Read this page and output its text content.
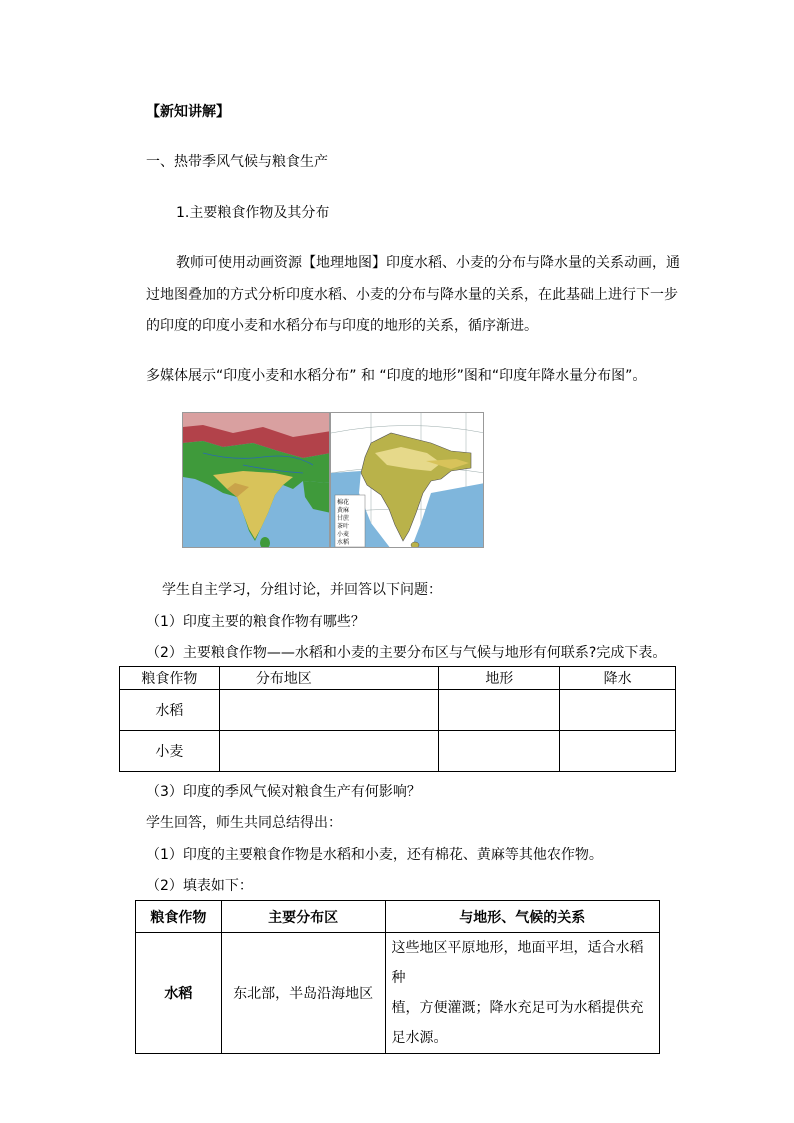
【新知讲解】
一、热带季风气候与粮食生产
1.主要粮食作物及其分布
教师可使用动画资源【地理地图】印度水稻、小麦的分布与降水量的关系动画，通
过地图叠加的方式分析印度水稻、小麦的分布与降水量的关系，在此基础上进行下一步
的印度的印度小麦和水稻分布与印度的地形的关系，循序渐进。
多媒体展示“印度小麦和水稻分布” 和 “印度的地形”图和“印度年降水量分布图”。
棉花
黄麻
甘蔗
茶叶
小麦
水稻
学生自主学习，分组讨论，并回答以下问题：
（1）印度主要的粮食作物有哪些？
（2）主要粮食作物——水稻和小麦的主要分布区与气候与地形有何联系?完成下表。
粮食作物	分布地区	地形	降水
水稻			
小麦			
（3）印度的季风气候对粮食生产有何影响？
学生回答，师生共同总结得出：
（1）印度的主要粮食作物是水稻和小麦，还有棉花、黄麻等其他农作物。
（2）填表如下：
粮食作物	主要分布区	与地形、气候的关系
水稻	东北部，半岛沿海地区	这些地区平原地形，地面平坦，适合水稻种
植，方便灌溉；降水充足可为水稻提供充
足水源。
